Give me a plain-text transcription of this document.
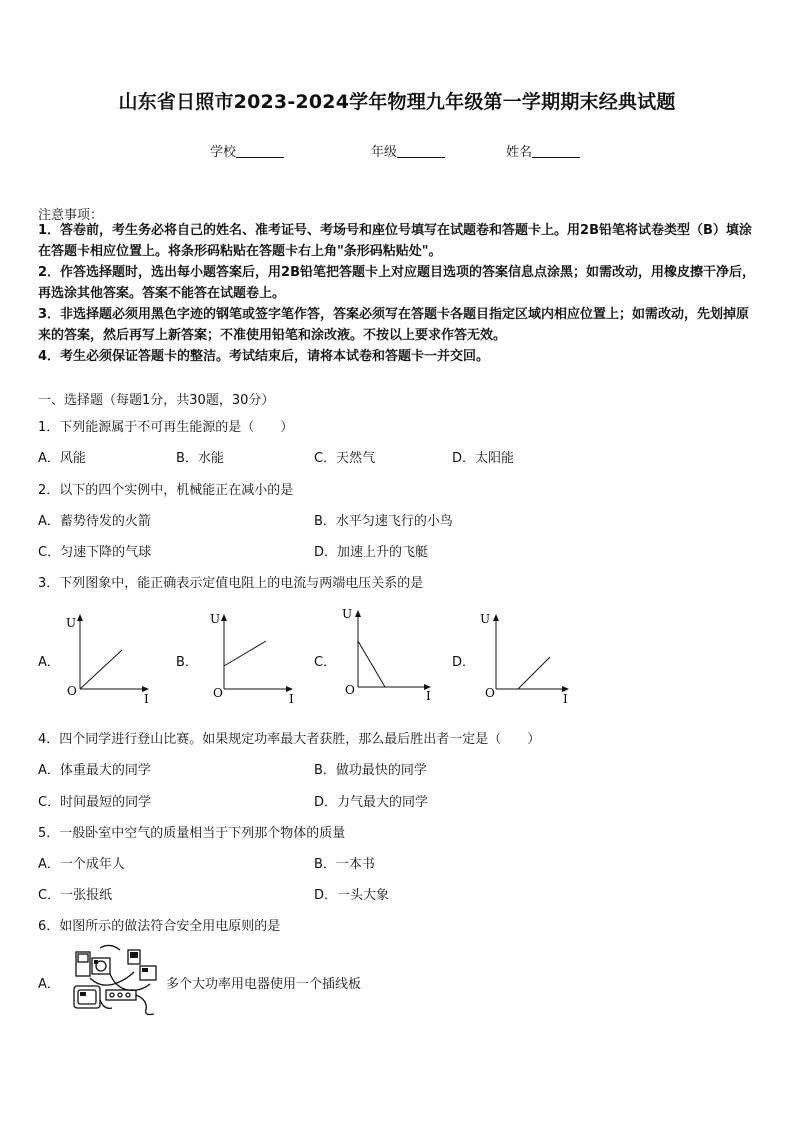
山东省日照市2023-2024学年物理九年级第一学期期末经典试题
学校	年级	姓名
注意事项：
1．答卷前，考生务必将自己的姓名、准考证号、考场号和座位号填写在试题卷和答题卡上。用2B铅笔将试卷类型（B）填涂在答题卡相应位置上。将条形码粘贴在答题卡右上角"条形码粘贴处"。
2．作答选择题时，选出每小题答案后，用2B铅笔把答题卡上对应题目选项的答案信息点涂黑；如需改动，用橡皮擦干净后，再选涂其他答案。答案不能答在试题卷上。
3．非选择题必须用黑色字迹的钢笔或签字笔作答，答案必须写在答题卡各题目指定区域内相应位置上；如需改动，先划掉原来的答案，然后再写上新答案；不准使用铅笔和涂改液。不按以上要求作答无效。
4．考生必须保证答题卡的整洁。考试结束后，请将本试卷和答题卡一并交回。
一、选择题（每题1分，共30题，30分）
1．下列能源属于不可再生能源的是（　　）
A．风能	B．水能	C．天然气	D．太阳能
2．以下的四个实例中，机械能正在减小的是
A．蓄势待发的火箭	B．水平匀速飞行的小鸟
C．匀速下降的气球	D．加速上升的飞艇
3．下列图象中，能正确表示定值电阻上的电流与两端电压关系的是
A．	B．	C．	D．
U
I
O
U
I
O
U
I
O
U
I
O
4．四个同学进行登山比赛。如果规定功率最大者获胜，那么最后胜出者一定是（　　）
A．体重最大的同学	B．做功最快的同学
C．时间最短的同学	D．力气最大的同学
5．一般卧室中空气的质量相当于下列那个物体的质量
A．一个成年人	B．一本书
C．一张报纸	D．一头大象
6．如图所示的做法符合安全用电原则的是
A．	多个大功率用电器使用一个插线板
